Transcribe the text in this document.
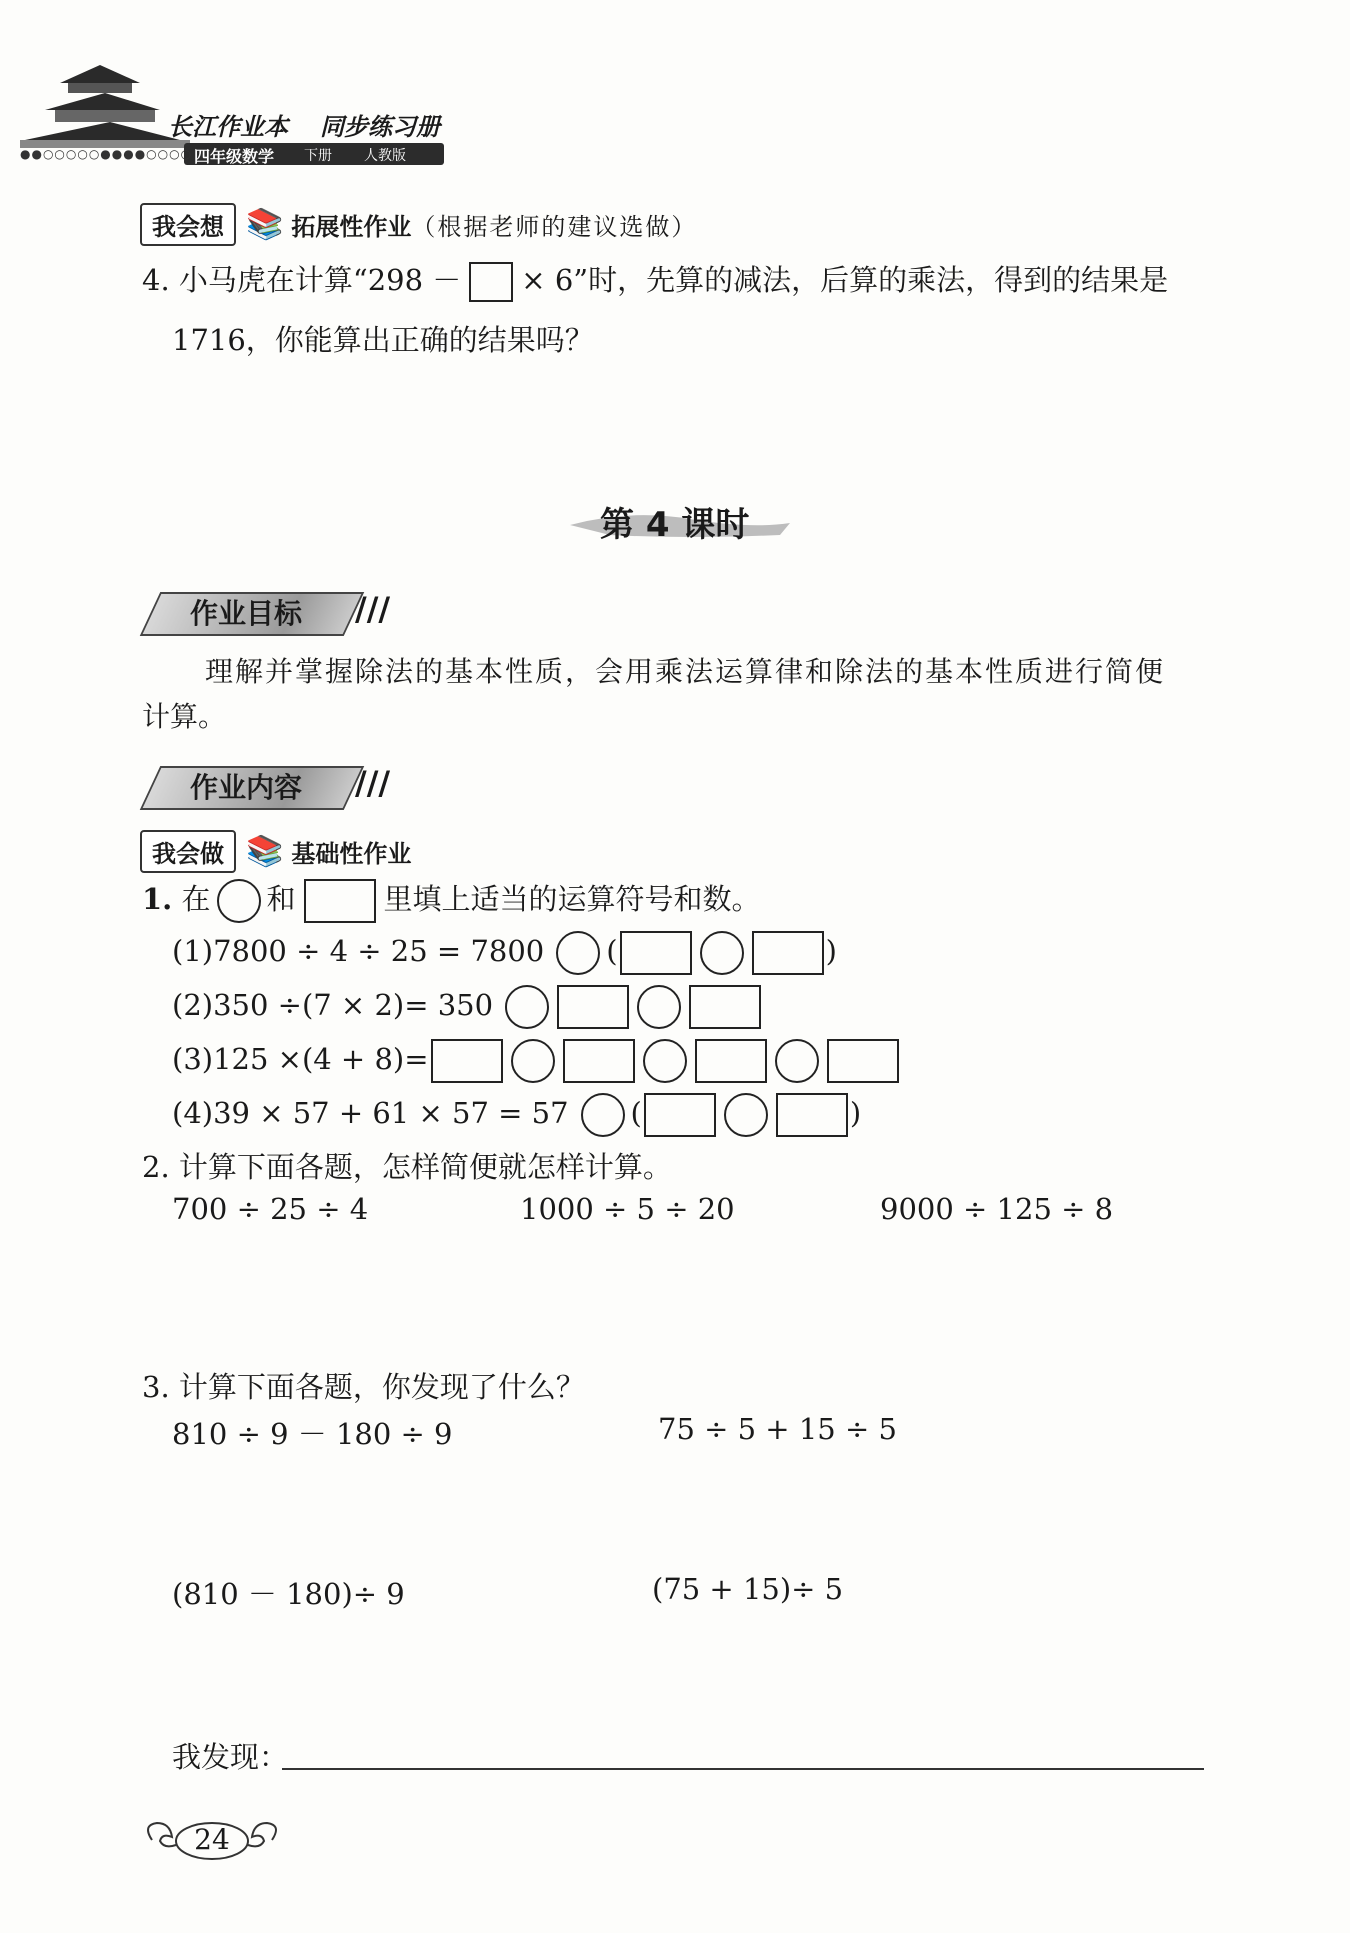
长江作业本 同步练习册
四年级数学 下册 人教版
●●○○○○○●●●●○○○○
我会想 📚 拓展性作业 （根据老师的建议选做）
4. 小马虎在计算“298 － × 6”时，先算的减法，后算的乘法，得到的结果是
1716，你能算出正确的结果吗？
第 4 课时
作业目标	///
理解并掌握除法的基本性质，会用乘法运算律和除法的基本性质进行简便
计算。
作业内容	///
我会做 📚 基础性作业
1. 在 和	里填上适当的运算符号和数。
(1)7800 ÷ 4 ÷ 25 = 7800 (	)
(2)350 ÷(7 × 2)= 350
(3)125 ×(4 + 8)=
(4)39 × 57 + 61 × 57 = 57 (	)
2. 计算下面各题，怎样简便就怎样计算。
700 ÷ 25 ÷ 4	1000 ÷ 5 ÷ 20	9000 ÷ 125 ÷ 8
3. 计算下面各题，你发现了什么？
810 ÷ 9 － 180 ÷ 9	75 ÷ 5 + 15 ÷ 5
(810 － 180)÷ 9	(75 + 15)÷ 5
我发现：
24
